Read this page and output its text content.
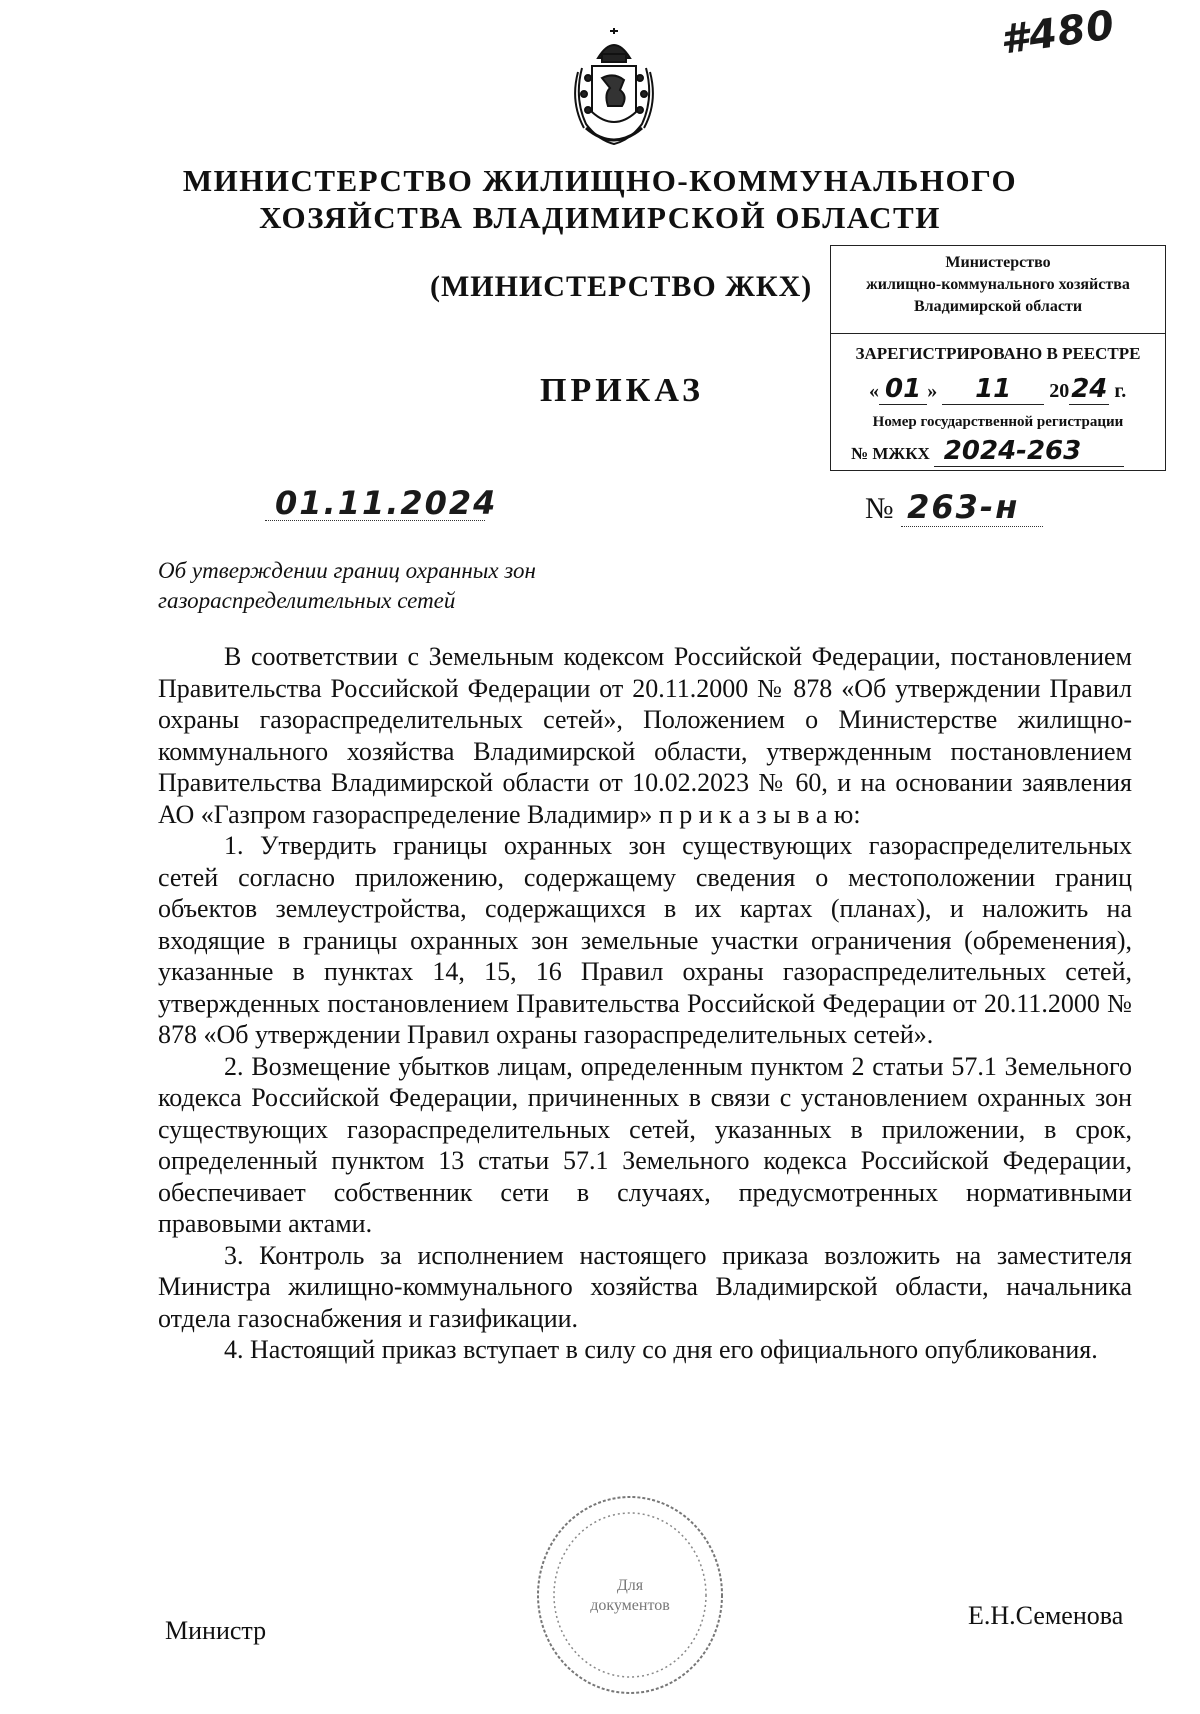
#480
МИНИСТЕРСТВО ЖИЛИЩНО-КОММУНАЛЬНОГО
ХОЗЯЙСТВА ВЛАДИМИРСКОЙ ОБЛАСТИ
(МИНИСТЕРСТВО ЖКХ)
ПРИКАЗ
Министерство
жилищно-коммунального хозяйства
Владимирской области
ЗАРЕГИСТРИРОВАНО В РЕЕСТРЕ
« 01 » 11 2024 г.
Номер государственной регистрации
№ МЖКХ 2024-263
01.11.2024	№ 263-н
Об утверждении границ охранных зон
газораспределительных сетей

В соответствии с Земельным кодексом Российской Федерации, постановлением Правительства Российской Федерации от 20.11.2000 № 878 «Об утверждении Правил охраны газораспределительных сетей», Положением о Министерстве жилищно-коммунального хозяйства Владимирской области, утвержденным постановлением Правительства Владимирской области от 10.02.2023 № 60, и на основании заявления АО «Газпром газораспределение Владимир» п р и к а з ы в а ю:

1. Утвердить границы охранных зон существующих газораспределительных сетей согласно приложению, содержащему сведения о местоположении границ объектов землеустройства, содержащихся в их картах (планах), и наложить на входящие в границы охранных зон земельные участки ограничения (обременения), указанные в пунктах 14, 15, 16 Правил охраны газораспределительных сетей, утвержденных постановлением Правительства Российской Федерации от 20.11.2000 № 878 «Об утверждении Правил охраны газораспределительных сетей».

2. Возмещение убытков лицам, определенным пунктом 2 статьи 57.1 Земельного кодекса Российской Федерации, причиненных в связи с установлением охранных зон существующих газораспределительных сетей, указанных в приложении, в срок, определенный пунктом 13 статьи 57.1 Земельного кодекса Российской Федерации, обеспечивает собственник сети в случаях, предусмотренных нормативными правовыми актами.

3. Контроль за исполнением настоящего приказа возложить на заместителя Министра жилищно-коммунального хозяйства Владимирской области, начальника отдела газоснабжения и газификации.

4. Настоящий приказ вступает в силу со дня его официального опубликования.

Для
документов
Министр
Е.Н.Семенова
